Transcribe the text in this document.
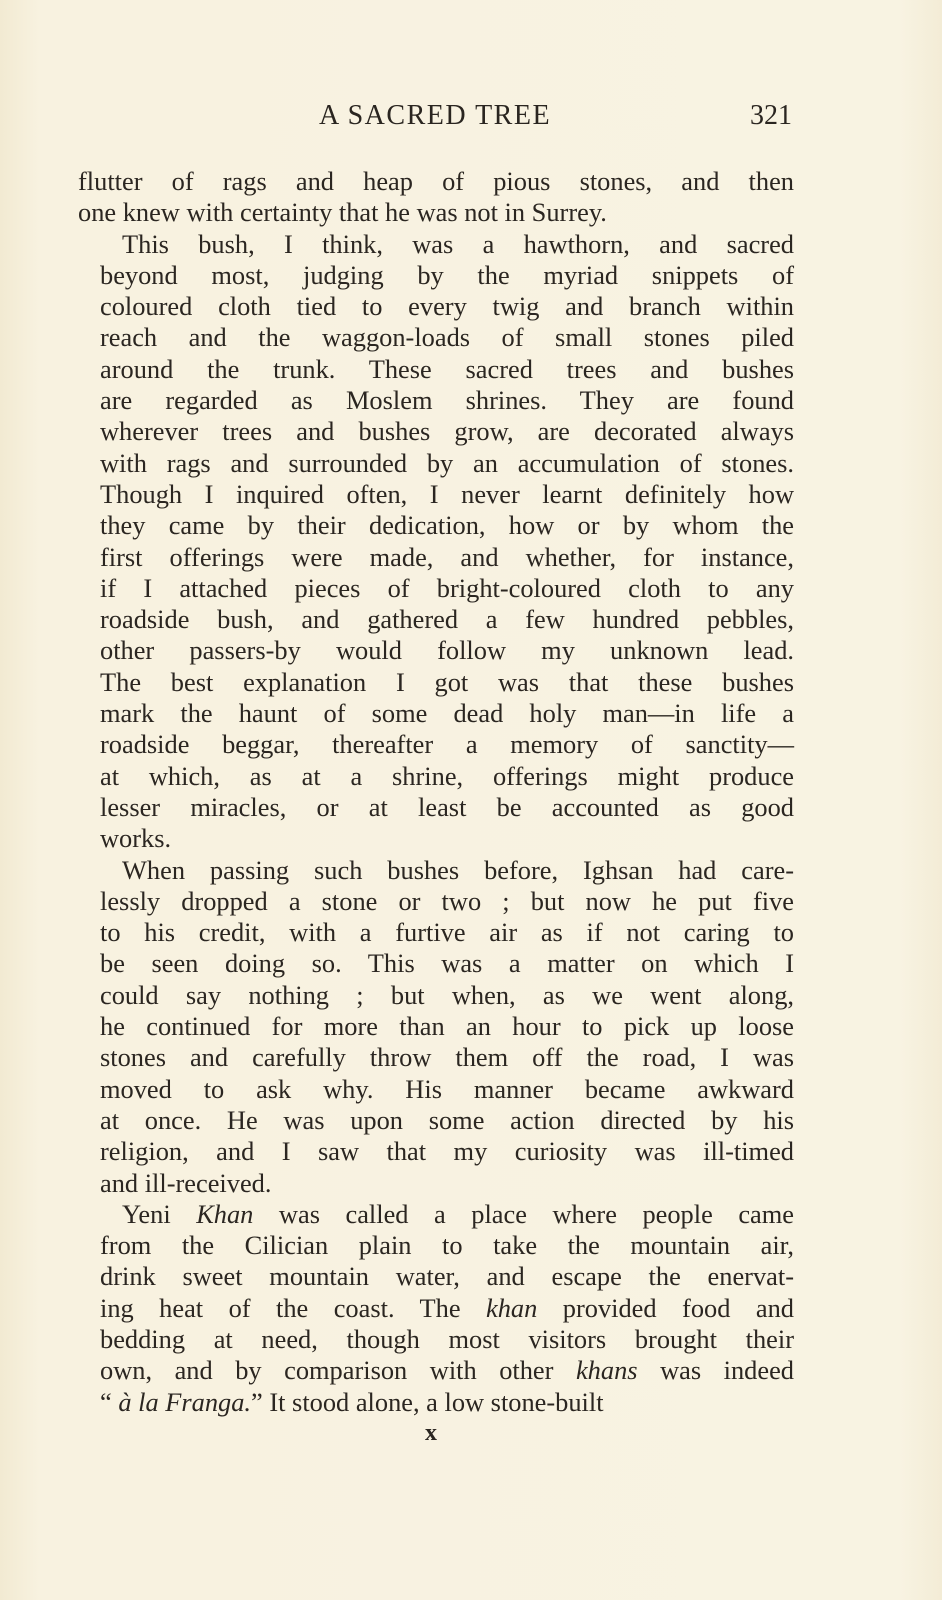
A SACRED TREE	321
flutter of rags and heap of pious stones, and then
one knew with certainty that he was not in Surrey.
This bush, I think, was a hawthorn, and sacred
beyond most, judging by the myriad snippets of
coloured cloth tied to every twig and branch within
reach and the waggon-loads of small stones piled
around the trunk. These sacred trees and bushes
are regarded as Moslem shrines. They are found
wherever trees and bushes grow, are decorated always
with rags and surrounded by an accumulation of stones.
Though I inquired often, I never learnt definitely how
they came by their dedication, how or by whom the
first offerings were made, and whether, for instance,
if I attached pieces of bright-coloured cloth to any
roadside bush, and gathered a few hundred pebbles,
other passers-by would follow my unknown lead.
The best explanation I got was that these bushes
mark the haunt of some dead holy man—in life a
roadside beggar, thereafter a memory of sanctity—
at which, as at a shrine, offerings might produce
lesser miracles, or at least be accounted as good
works.
When passing such bushes before, Ighsan had care-
lessly dropped a stone or two ; but now he put five
to his credit, with a furtive air as if not caring to
be seen doing so. This was a matter on which I
could say nothing ; but when, as we went along,
he continued for more than an hour to pick up loose
stones and carefully throw them off the road, I was
moved to ask why. His manner became awkward
at once. He was upon some action directed by his
religion, and I saw that my curiosity was ill-timed
and ill-received.
Yeni Khan was called a place where people came
from the Cilician plain to take the mountain air,
drink sweet mountain water, and escape the enervat-
ing heat of the coast. The khan provided food and
bedding at need, though most visitors brought their
own, and by comparison with other khans was indeed
“ à la Franga.” It stood alone, a low stone-built
x
